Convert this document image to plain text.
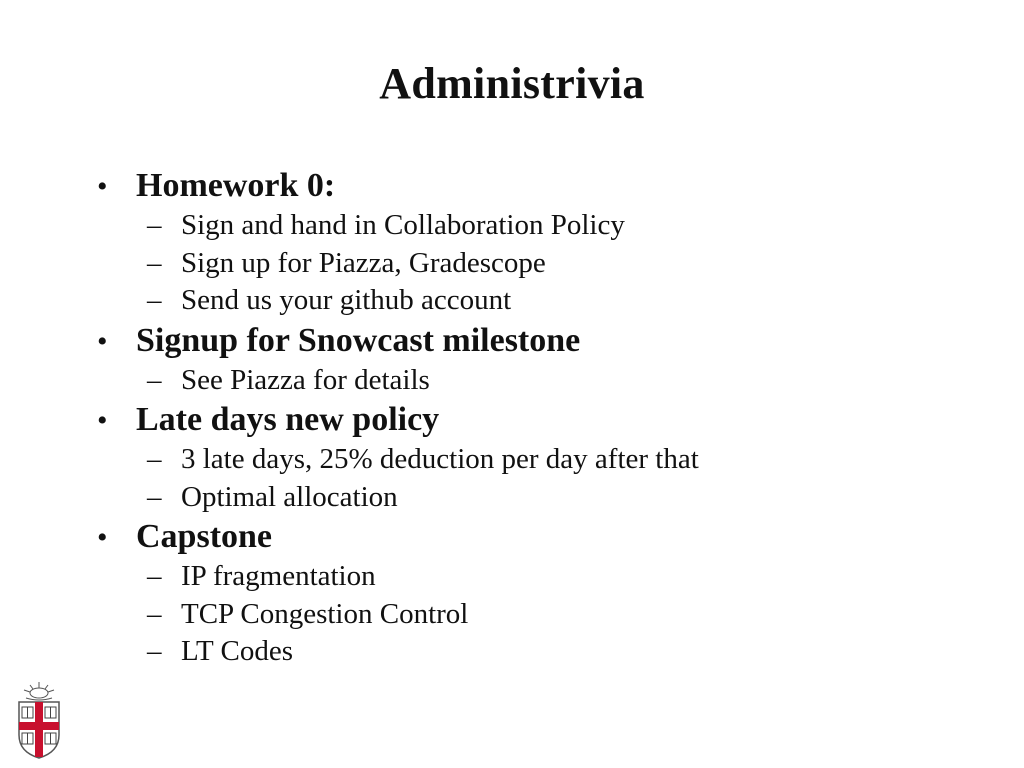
Administrivia
• Homework 0:
– Sign and hand in Collaboration Policy
– Sign up for Piazza, Gradescope
– Send us your github account
• Signup for Snowcast milestone
– See Piazza for details
• Late days new policy
– 3 late days, 25% deduction per day after that
– Optimal allocation
• Capstone
– IP fragmentation
– TCP Congestion Control
– LT Codes
